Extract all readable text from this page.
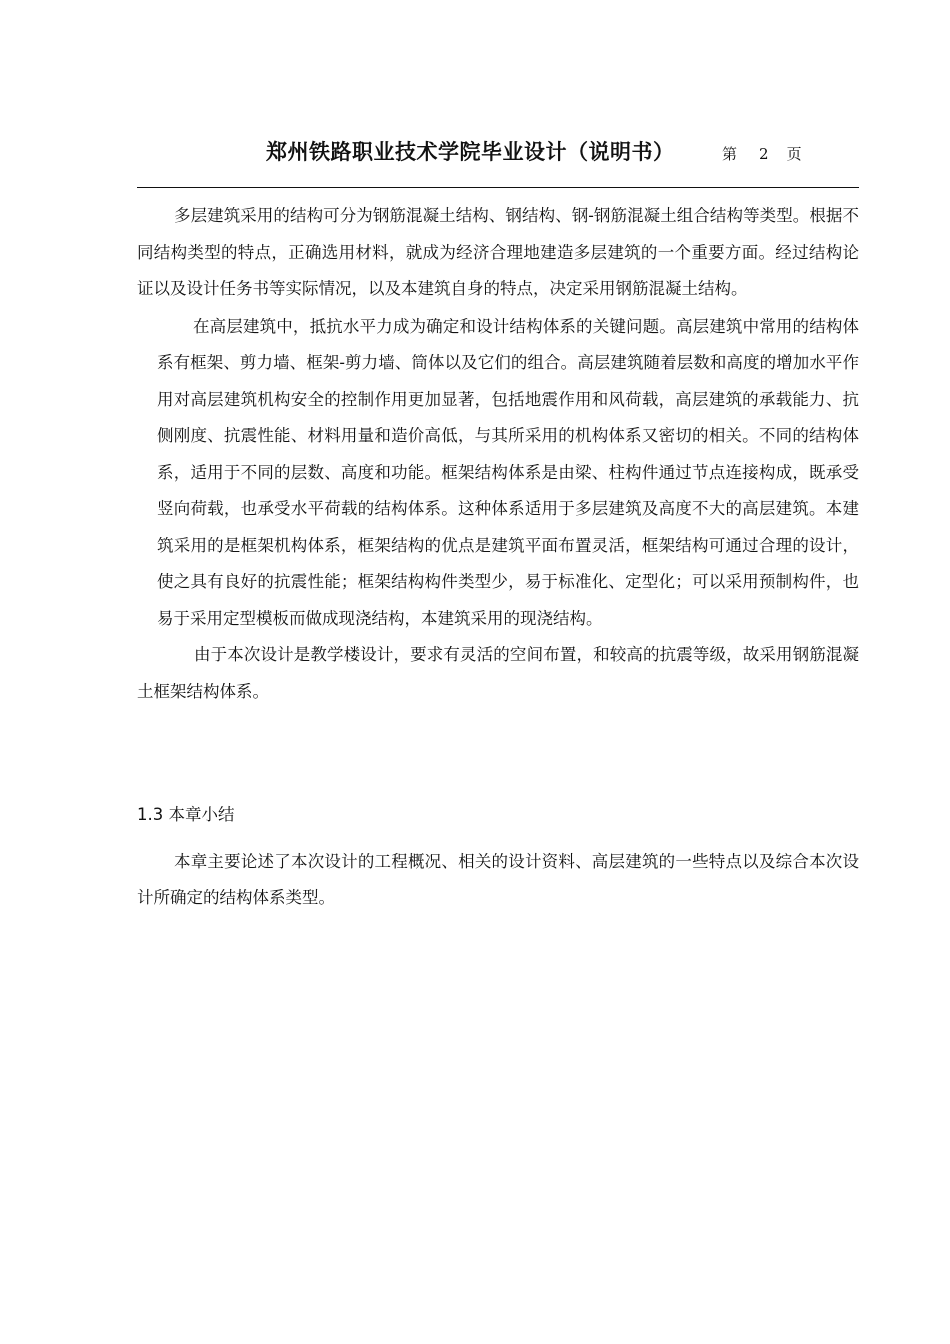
郑州铁路职业技术学院毕业设计（说明书）	第 2 页

多层建筑采用的结构可分为钢筋混凝土结构、钢结构、钢-钢筋混凝土组合结构等类型。根据不同结构类型的特点，正确选用材料，就成为经济合理地建造多层建筑的一个重要方面。经过结构论证以及设计任务书等实际情况，以及本建筑自身的特点，决定采用钢筋混凝土结构。

在高层建筑中，抵抗水平力成为确定和设计结构体系的关键问题。高层建筑中常用的结构体系有框架、剪力墙、框架-剪力墙、筒体以及它们的组合。高层建筑随着层数和高度的增加水平作用对高层建筑机构安全的控制作用更加显著，包括地震作用和风荷载，高层建筑的承载能力、抗侧刚度、抗震性能、材料用量和造价高低，与其所采用的机构体系又密切的相关。不同的结构体系，适用于不同的层数、高度和功能。框架结构体系是由梁、柱构件通过节点连接构成，既承受竖向荷载，也承受水平荷载的结构体系。这种体系适用于多层建筑及高度不大的高层建筑。本建筑采用的是框架机构体系，框架结构的优点是建筑平面布置灵活，框架结构可通过合理的设计，使之具有良好的抗震性能；框架结构构件类型少，易于标准化、定型化；可以采用预制构件，也易于采用定型模板而做成现浇结构，本建筑采用的现浇结构。

由于本次设计是教学楼设计，要求有灵活的空间布置，和较高的抗震等级，故采用钢筋混凝土框架结构体系。

1.3 本章小结

本章主要论述了本次设计的工程概况、相关的设计资料、高层建筑的一些特点以及综合本次设计所确定的结构体系类型。
